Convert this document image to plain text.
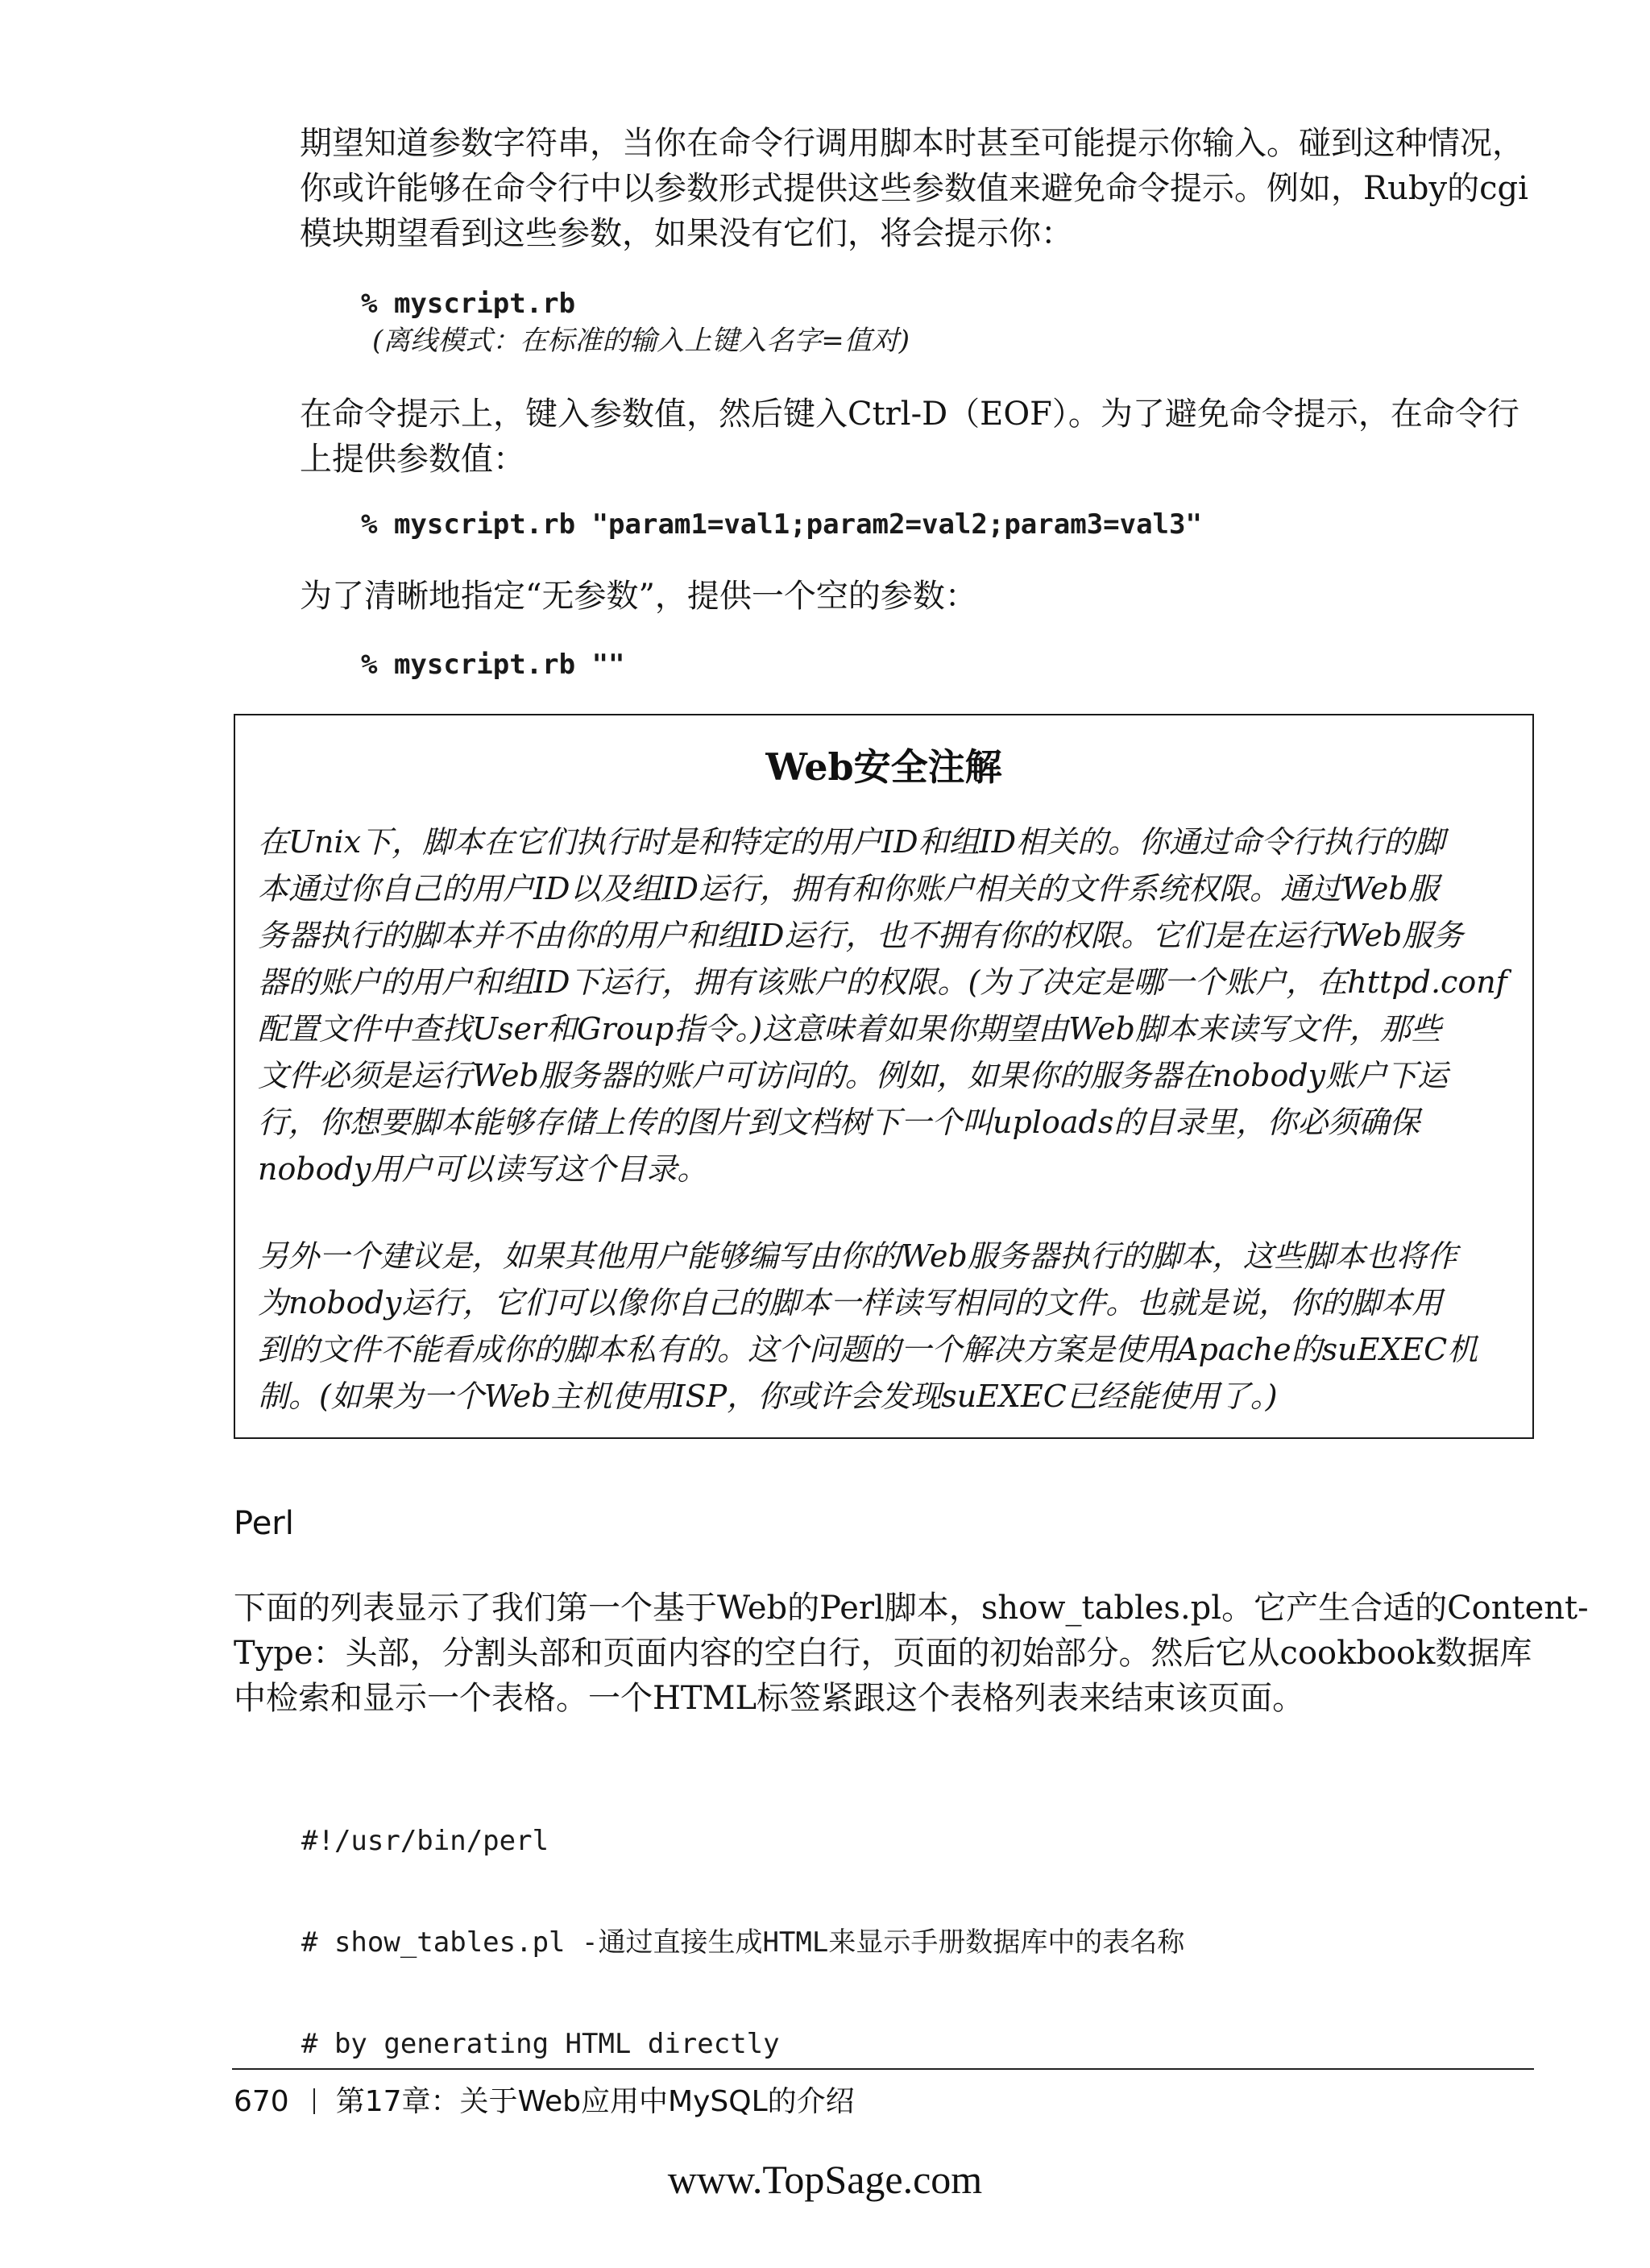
期望知道参数字符串，当你在命令行调用脚本时甚至可能提示你输入。碰到这种情况，
你或许能够在命令行中以参数形式提供这些参数值来避免命令提示。例如，Ruby的cgi
模块期望看到这些参数，如果没有它们，将会提示你：
% myscript.rb
(离线模式：在标准的输入上键入名字=值对)
在命令提示上，键入参数值，然后键入Ctrl-D（EOF）。为了避免命令提示，在命令行
上提供参数值：
% myscript.rb "param1=val1;param2=val2;param3=val3"
为了清晰地指定“无参数”，提供一个空的参数：
% myscript.rb ""
Web安全注解
在Unix下，脚本在它们执行时是和特定的用户ID和组ID相关的。你通过命令行执行的脚
本通过你自己的用户ID以及组ID运行，拥有和你账户相关的文件系统权限。通过Web服
务器执行的脚本并不由你的用户和组ID运行，也不拥有你的权限。它们是在运行Web服务
器的账户的用户和组ID下运行，拥有该账户的权限。(为了决定是哪一个账户，在httpd.conf
配置文件中查找User和Group指令。)这意味着如果你期望由Web脚本来读写文件，那些
文件必须是运行Web服务器的账户可访问的。例如，如果你的服务器在nobody账户下运
行，你想要脚本能够存储上传的图片到文档树下一个叫uploads的目录里，你必须确保
nobody用户可以读写这个目录。
另外一个建议是，如果其他用户能够编写由你的Web服务器执行的脚本，这些脚本也将作
为nobody运行，它们可以像你自己的脚本一样读写相同的文件。也就是说，你的脚本用
到的文件不能看成你的脚本私有的。这个问题的一个解决方案是使用Apache的suEXEC机
制。(如果为一个Web主机使用ISP，你或许会发现suEXEC已经能使用了。)
Perl
下面的列表显示了我们第一个基于Web的Perl脚本，show_tables.pl。它产生合适的Content-
Type：头部，分割头部和页面内容的空白行，页面的初始部分。然后它从cookbook数据库
中检索和显示一个表格。一个HTML标签紧跟这个表格列表来结束该页面。

#!/usr/bin/perl

# show_tables.pl -通过直接生成HTML来显示手册数据库中的表名称

# by generating HTML directly

670 第17章：关于Web应用中MySQL的介绍
www.TopSage.com
